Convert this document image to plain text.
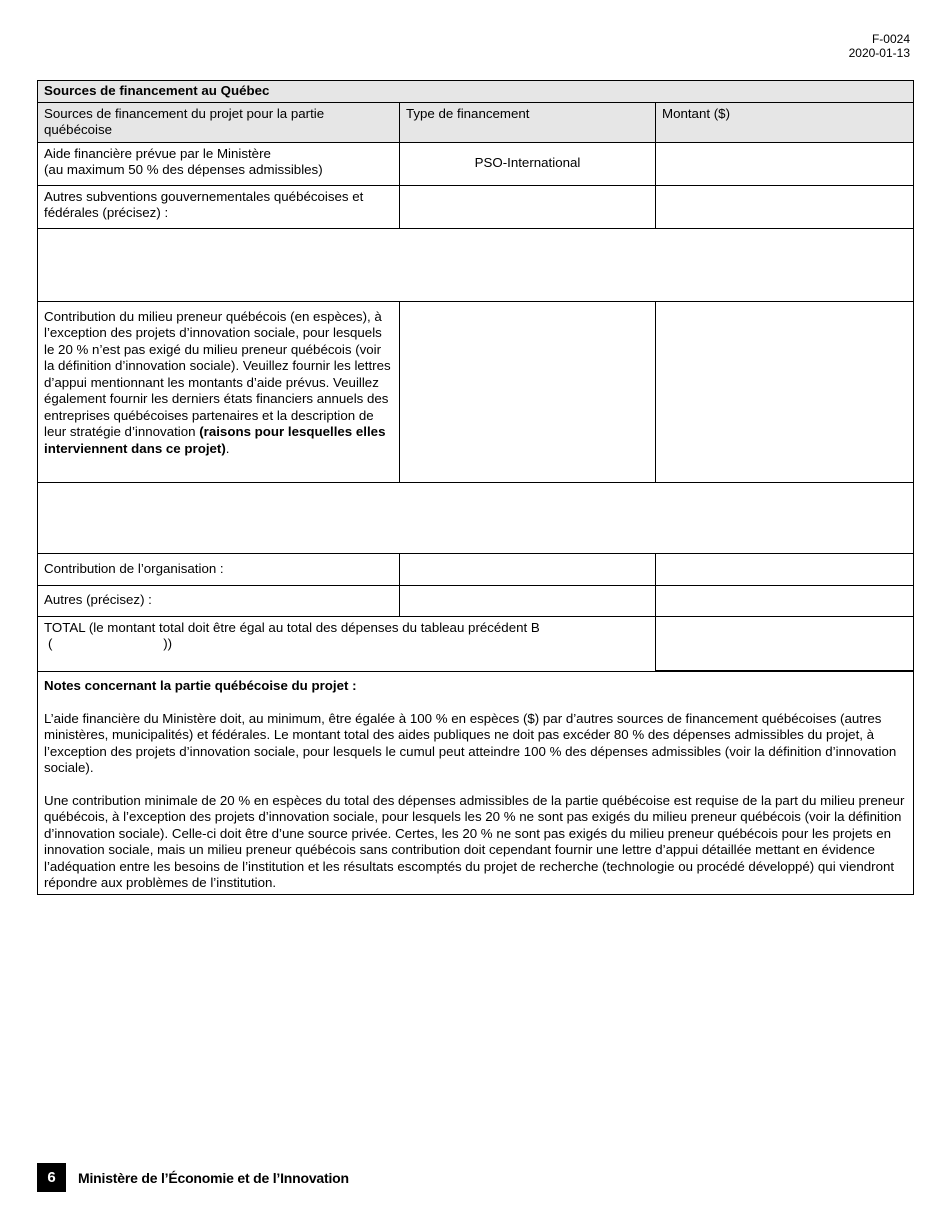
F-0024
2020-01-13
Sources de financement au Québec		
Sources de financement du projet pour la partie québécoise	Type de financement	Montant ($)

Aide financière prévue par le Ministère
(au maximum 50 % des dépenses admissibles)	PSO-International	
Autres subventions gouvernementales québécoises et fédérales (précisez) :		

Contribution du milieu preneur québécois (en espèces), à l’exception des projets d’innovation sociale, pour lesquels le 20 % n’est pas exigé du milieu preneur québécois (voir la définition d’innovation sociale). Veuillez fournir les lettres d’appui mentionnant les montants d’aide prévus. Veuillez également fournir les derniers états financiers annuels des entreprises québécoises partenaires et la description de leur stratégie d’innovation (raisons pour lesquelles elles interviennent dans ce projet).		

Contribution de l’organisation :		
Autres (précisez) :		

TOTAL (le montant total doit être égal au total des dépenses du tableau précédent B
(                              ))		

Notes concernant la partie québécoise du projet :

L’aide financière du Ministère doit, au minimum, être égalée à 100 % en espèces ($) par d’autres sources de financement québécoises (autres ministères, municipalités) et fédérales. Le montant total des aides publiques ne doit pas excéder 80 % des dépenses admissibles du projet, à l’exception des projets d’innovation sociale, pour lesquels le cumul peut atteindre 100 % des dépenses admissibles (voir la définition d’innovation sociale).

Une contribution minimale de 20 % en espèces du total des dépenses admissibles de la partie québécoise est requise de la part du milieu preneur québécois, à l’exception des projets d’innovation sociale, pour lesquels les 20 % ne sont pas exigés du milieu preneur québécois (voir la définition d’innovation sociale). Celle-ci doit être d’une source privée. Certes, les 20 % ne sont pas exigés du milieu preneur québécois pour les projets en innovation sociale, mais un milieu preneur québécois sans contribution doit cependant fournir une lettre d’appui détaillée mettant en évidence l’adéquation entre les besoins de l’institution et les résultats escomptés du projet de recherche (technologie ou procédé développé) qui viendront répondre aux problèmes de l’institution.		

6	Ministère de l’Économie et de l’Innovation
